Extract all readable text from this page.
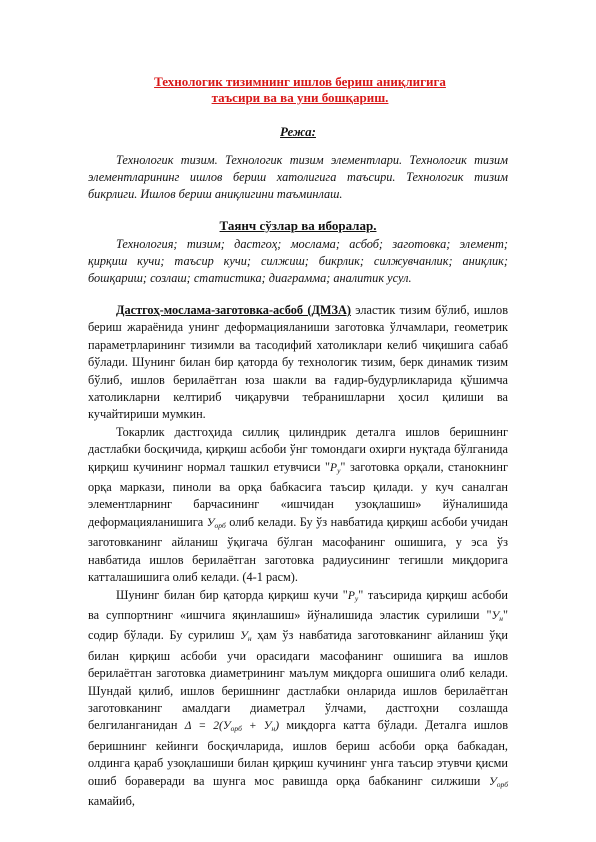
Технологик тизимнинг ишлов бериш аниқлигига
таъсири ва ва уни бошқариш.
Режа:
Технологик тизим. Технологик тизим элементлари. Технологик тизим элементларининг ишлов бериш хатолигига таъсири. Технологик тизим бикрлиги. Ишлов бериш аниқлигини таъминлаш.
Таянч сўзлар ва иборалар.
Технология; тизим; дастгоҳ; мослама; асбоб; заготовка; элемент; қирқиш кучи; таъсир кучи; силжиш; бикрлик; силжувчанлик; аниқлик; бошқариш; созлаш; статистика; диаграмма; аналитик усул.

Дастгоҳ-мослама-заготовка-асбоб (ДМЗА) эластик тизим бўлиб, ишлов бериш жараёнида унинг деформацияланиши заготовка ўлчамлари, геометрик параметрларининг тизимли ва тасодифий хатоликлари келиб чиқишига сабаб бўлади. Шунинг билан бир қаторда бу технологик тизим, берк динамик тизим бўлиб, ишлов берилаётган юза шакли ва ғадир-будурликларида қўшимча хатоликларни келтириб чиқарувчи тебранишларни ҳосил қилиши ва кучайтириши мумкин.

Токарлик дастгоҳида силлиқ цилиндрик деталга ишлов беришнинг дастлабки босқичида, қирқиш асбоби ўнг томондаги охирги нуқтада бўлганида қирқиш кучининг нормал ташкил етувчиси "$P_y$" заготовка орқали, станокнинг орқа маркази, пиноли ва орқа бабкасига таъсир қилади. у куч саналган элементларнинг барчасининг «ишчидан узоқлашиш» йўналишида деформацияланишига $У_{орб}$ олиб келади. Бу ўз навбатида қирқиш асбоби учидан заготовканинг айланиш ўқигача бўлган масофанинг ошишига, у эса ўз навбатида ишлов берилаётган заготовка радиусининг тегишли миқдорига катталашишига олиб келади. (4-1 расм).

Шунинг билан бир қаторда қирқиш кучи "$P_y$" таъсирида қирқиш асбоби ва суппортнинг «ишчига яқинлашиш» йўналишида эластик сурилиши "$У_н$" содир бўлади. Бу сурилиш $У_н$ ҳам ўз навбатида заготовканинг айланиш ўқи билан қирқиш асбоби учи орасидаги масофанинг ошишига ва ишлов берилаётган заготовка диаметрининг маълум миқдорга ошишига олиб келади. Шундай қилиб, ишлов беришнинг дастлабки онларида ишлов берилаётган заготовканинг амалдаги диаметрал ўлчами, дастгоҳни созлашда белгиланганидан $\Delta = 2(У_{орб} + У_н)$ миқдорга катта бўлади. Деталга ишлов беришнинг кейинги босқичларида, ишлов бериш асбоби орқа бабкадан, олдинга қараб узоқлашиши билан қирқиш кучининг унга таъсир этувчи қисми ошиб боравeради ва шунга мос равишда орқа бабканинг силжиши $У_{орб}$ камайиб,
